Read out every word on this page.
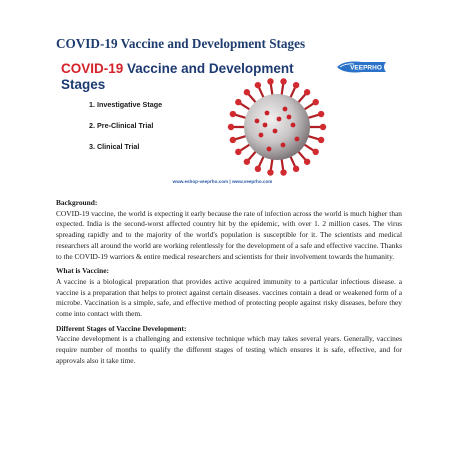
COVID-19 Vaccine and Development Stages
COVID-19 Vaccine and Development Stages
VEEPRHO
1. Investigative Stage
2. Pre-Clinical Trial
3. Clinical Trial
www.eshop-veeprho.com | www.veeprho.com
Background:

COVID-19 vaccine, the world is expecting it early because the rate of infection across the world is much higher than expected. India is the second-worst affected country hit by the epidemic, with over 1. 2 million cases. The virus spreading rapidly and to the majority of the world's population is susceptible for it. The scientists and medical researchers all around the world are working relentlessly for the development of a safe and effective vaccine. Thanks to the COVID-19 warriors & entire medical researchers and scientists for their involvement towards the humanity.

What is Vaccine:

A vaccine is a biological preparation that provides active acquired immunity to a particular infectious disease. a vaccine is a preparation that helps to protect against certain diseases. vaccines contain a dead or weakened form of a microbe. Vaccination is a simple, safe, and effective method of protecting people against risky diseases, before they come into contact with them.

Different Stages of Vaccine Development:

Vaccine development is a challenging and extensive technique which may takes several years. Generally, vaccines require number of months to qualify the different stages of testing which ensures it is safe, effective, and for approvals also it take time.
